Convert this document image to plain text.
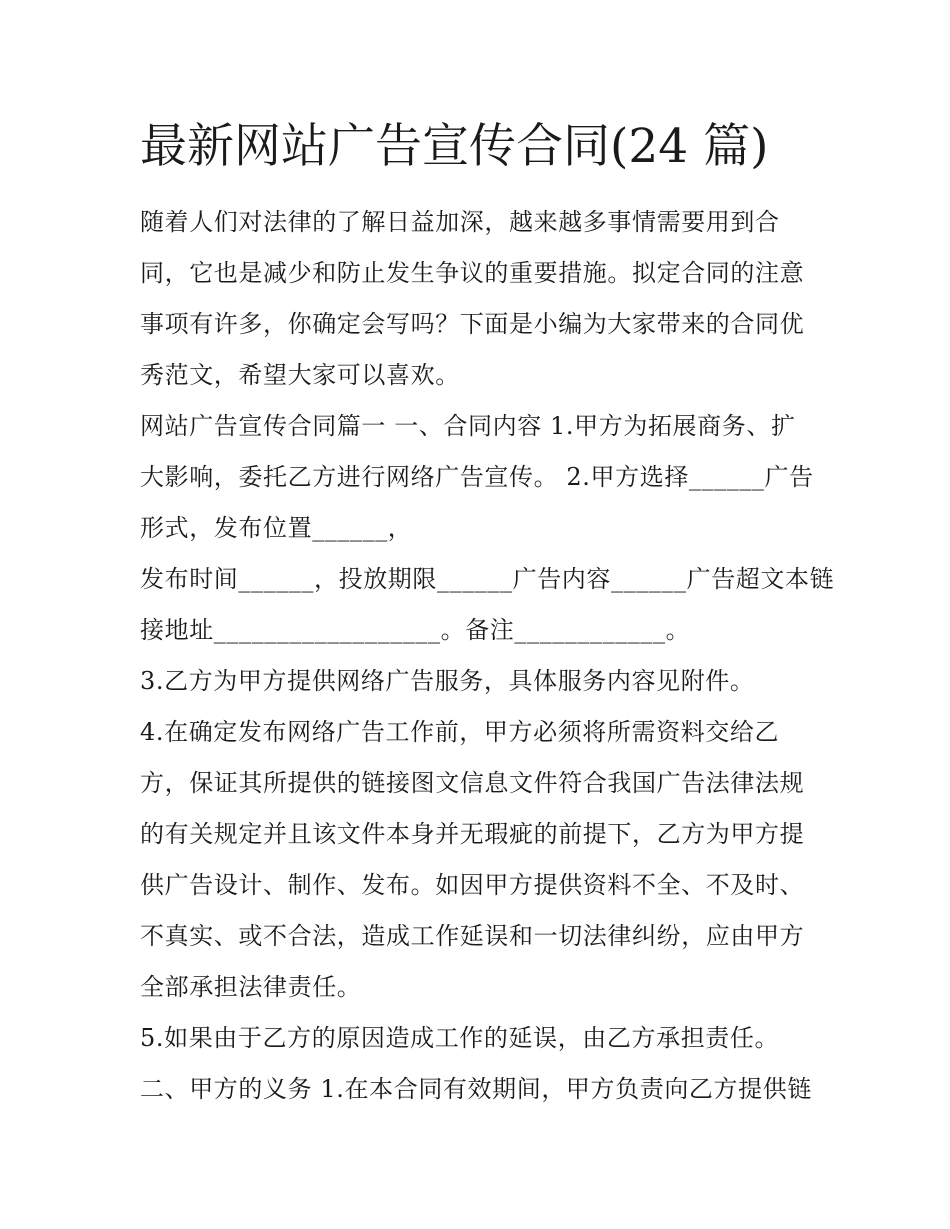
最新网站广告宣传合同(24 篇)

随着人们对法律的了解日益加深，越来越多事情需要用到合

同，它也是减少和防止发生争议的重要措施。拟定合同的注意

事项有许多，你确定会写吗？下面是小编为大家带来的合同优

秀范文，希望大家可以喜欢。

网站广告宣传合同篇一 一、合同内容 1.甲方为拓展商务、扩

大影响，委托乙方进行网络广告宣传。 2.甲方选择______广告

形式，发布位置______，

发布时间______，投放期限______广告内容______广告超文本链

接地址__________________。备注____________。

3.乙方为甲方提供网络广告服务，具体服务内容见附件。

4.在确定发布网络广告工作前，甲方必须将所需资料交给乙

方，保证其所提供的链接图文信息文件符合我国广告法律法规

的有关规定并且该文件本身并无瑕疵的前提下，乙方为甲方提

供广告设计、制作、发布。如因甲方提供资料不全、不及时、

不真实、或不合法，造成工作延误和一切法律纠纷，应由甲方

全部承担法律责任。

5.如果由于乙方的原因造成工作的延误，由乙方承担责任。

二、甲方的义务 1.在本合同有效期间，甲方负责向乙方提供链
